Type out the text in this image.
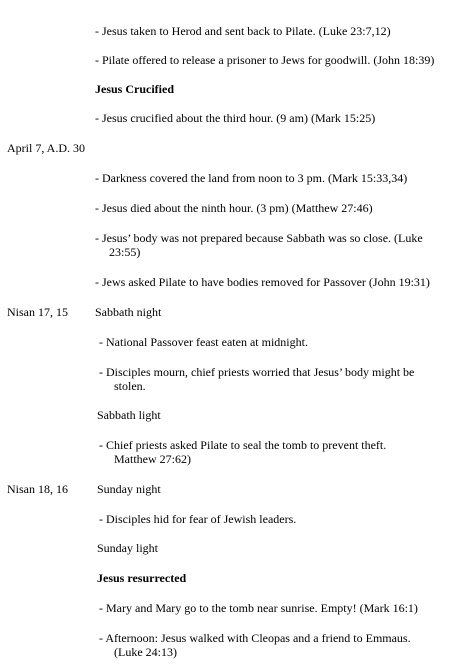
- Jesus taken to Herod and sent back to Pilate. (Luke 23:7,12)
- Pilate offered to release a prisoner to Jews for goodwill. (John 18:39)
Jesus Crucified
- Jesus crucified about the third hour. (9 am) (Mark 15:25)
April 7, A.D. 30
- Darkness covered the land from noon to 3 pm. (Mark 15:33,34)
- Jesus died about the ninth hour. (3 pm) (Matthew 27:46)
- Jesus’ body was not prepared because Sabbath was so close. (Luke
23:55)
- Jews asked Pilate to have bodies removed for Passover (John 19:31)
Nisan 17, 15 Sabbath night
- National Passover feast eaten at midnight.
- Disciples mourn, chief priests worried that Jesus’ body might be
stolen.
Sabbath light
- Chief priests asked Pilate to seal the tomb to prevent theft.
Matthew 27:62)
Nisan 18, 16 Sunday night
- Disciples hid for fear of Jewish leaders.
Sunday light
Jesus resurrected
- Mary and Mary go to the tomb near sunrise. Empty! (Mark 16:1)
- Afternoon: Jesus walked with Cleopas and a friend to Emmaus.
(Luke 24:13)
